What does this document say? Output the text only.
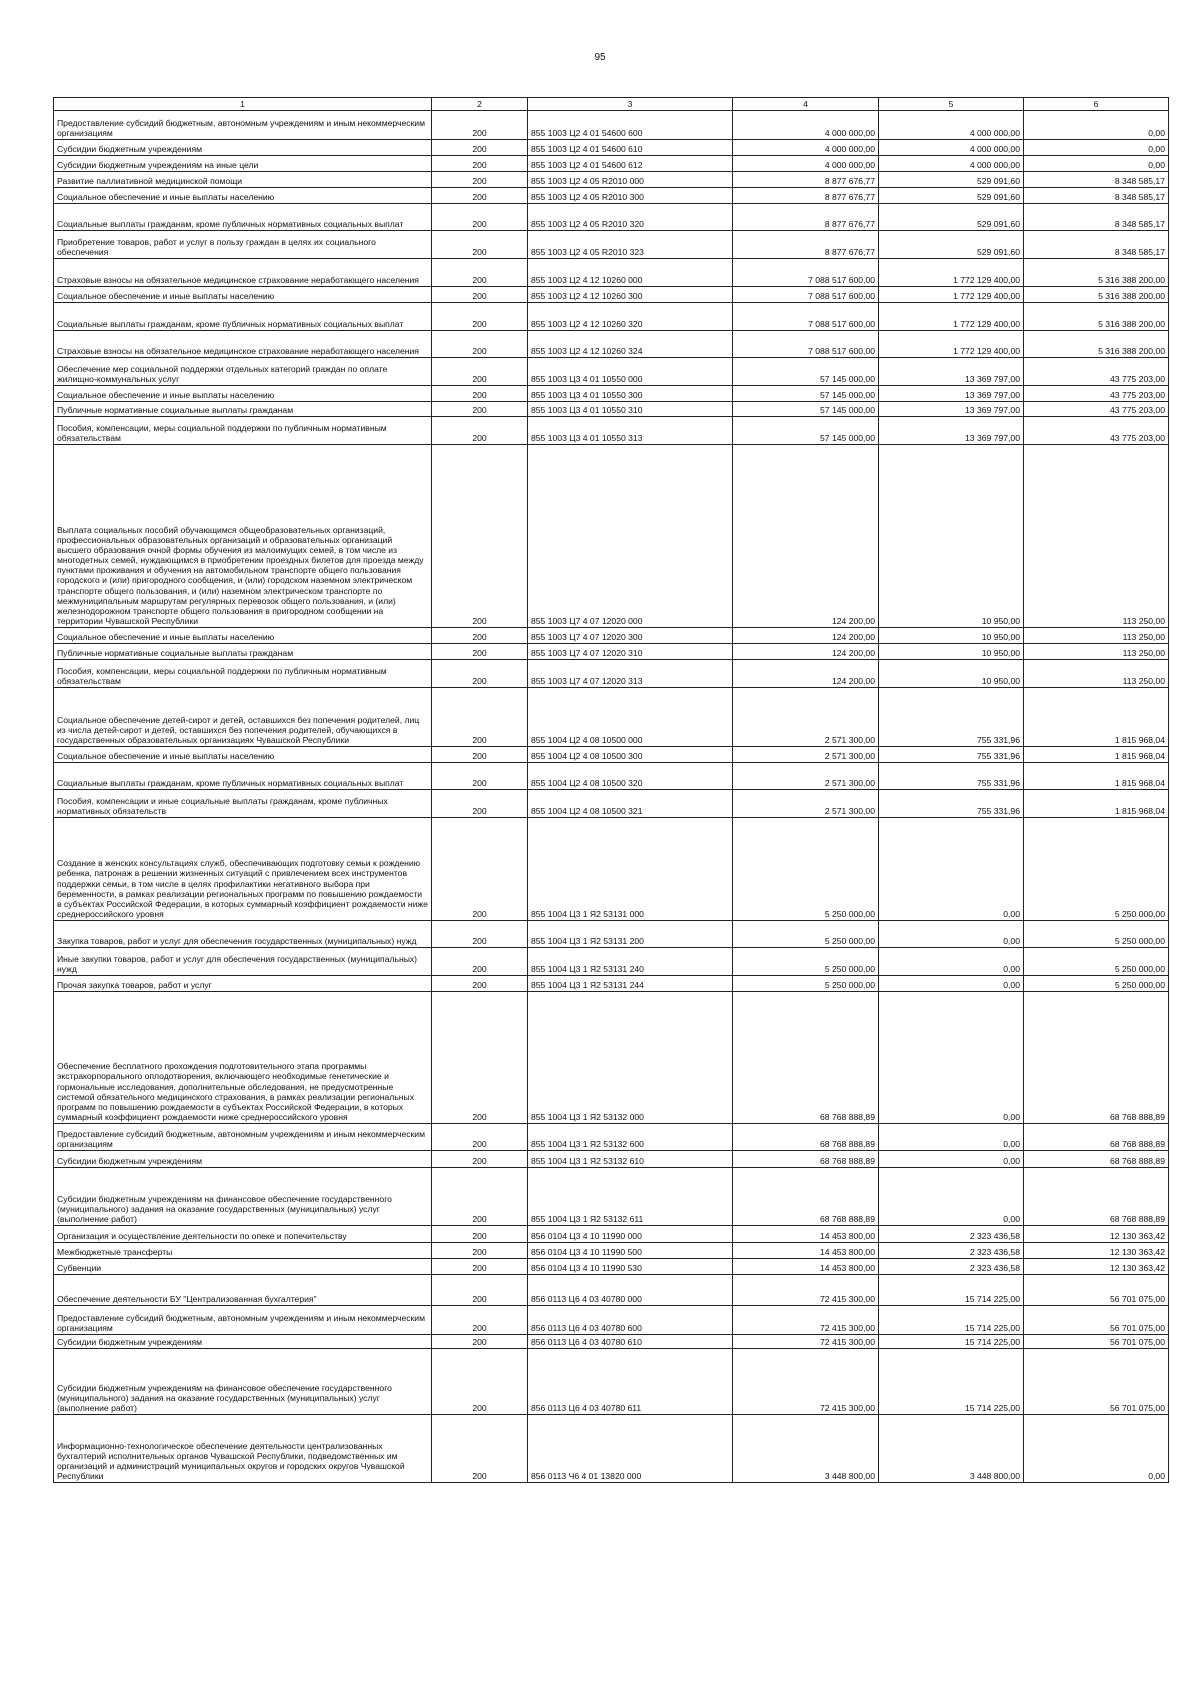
95
1	2	3	4	5	6
Предоставление субсидий бюджетным, автономным учреждениям и иным некоммерческим организациям	200	855 1003 Ц2 4 01 54600 600	4 000 000,00	4 000 000,00	0,00
Субсидии бюджетным учреждениям	200	855 1003 Ц2 4 01 54600 610	4 000 000,00	4 000 000,00	0,00
Субсидии бюджетным учреждениям на иные цели	200	855 1003 Ц2 4 01 54600 612	4 000 000,00	4 000 000,00	0,00
Развитие паллиативной медицинской помощи	200	855 1003 Ц2 4 05 R2010 000	8 877 676,77	529 091,60	8 348 585,17
Социальное обеспечение и иные выплаты населению	200	855 1003 Ц2 4 05 R2010 300	8 877 676,77	529 091,60	8 348 585,17
Социальные выплаты гражданам, кроме публичных нормативных социальных выплат	200	855 1003 Ц2 4 05 R2010 320	8 877 676,77	529 091,60	8 348 585,17
Приобретение товаров, работ и услуг в пользу граждан в целях их социального обеспечения	200	855 1003 Ц2 4 05 R2010 323	8 877 676,77	529 091,60	8 348 585,17
Страховые взносы на обязательное медицинское страхование неработающего населения	200	855 1003 Ц2 4 12 10260 000	7 088 517 600,00	1 772 129 400,00	5 316 388 200,00
Социальное обеспечение и иные выплаты населению	200	855 1003 Ц2 4 12 10260 300	7 088 517 600,00	1 772 129 400,00	5 316 388 200,00
Социальные выплаты гражданам, кроме публичных нормативных социальных выплат	200	855 1003 Ц2 4 12 10260 320	7 088 517 600,00	1 772 129 400,00	5 316 388 200,00
Страховые взносы на обязательное медицинское страхование неработающего населения	200	855 1003 Ц2 4 12 10260 324	7 088 517 600,00	1 772 129 400,00	5 316 388 200,00
Обеспечение мер социальной поддержки отдельных категорий граждан по оплате жилищно-коммунальных услуг	200	855 1003 Ц3 4 01 10550 000	57 145 000,00	13 369 797,00	43 775 203,00
Социальное обеспечение и иные выплаты населению	200	855 1003 Ц3 4 01 10550 300	57 145 000,00	13 369 797,00	43 775 203,00
Публичные нормативные социальные выплаты гражданам	200	855 1003 Ц3 4 01 10550 310	57 145 000,00	13 369 797,00	43 775 203,00
Пособия, компенсации, меры социальной поддержки по публичным нормативным обязательствам	200	855 1003 Ц3 4 01 10550 313	57 145 000,00	13 369 797,00	43 775 203,00
Выплата социальных пособий обучающимся общеобразовательных организаций, профессиональных образовательных организаций и образовательных организаций высшего образования очной формы обучения из малоимущих семей, в том числе из многодетных семей, нуждающимся в приобретении проездных билетов для проезда между пунктами проживания и обучения на автомобильном транспорте общего пользования городского и (или) пригородного сообщения, и (или) городском наземном электрическом транспорте общего пользования, и (или) наземном электрическом транспорте по межмуниципальным маршрутам регулярных перевозок общего пользования, и (или) железнодорожном транспорте общего пользования в пригородном сообщении на территории Чувашской Республики	200	855 1003 Ц7 4 07 12020 000	124 200,00	10 950,00	113 250,00
Социальное обеспечение и иные выплаты населению	200	855 1003 Ц7 4 07 12020 300	124 200,00	10 950,00	113 250,00
Публичные нормативные социальные выплаты гражданам	200	855 1003 Ц7 4 07 12020 310	124 200,00	10 950,00	113 250,00
Пособия, компенсации, меры социальной поддержки по публичным нормативным обязательствам	200	855 1003 Ц7 4 07 12020 313	124 200,00	10 950,00	113 250,00
Социальное обеспечение детей-сирот и детей, оставшихся без попечения родителей, лиц из числа детей-сирот и детей, оставшихся без попечения родителей, обучающихся в государственных образовательных организациях Чувашской Республики	200	855 1004 Ц2 4 08 10500 000	2 571 300,00	755 331,96	1 815 968,04
Социальное обеспечение и иные выплаты населению	200	855 1004 Ц2 4 08 10500 300	2 571 300,00	755 331,96	1 815 968,04
Социальные выплаты гражданам, кроме публичных нормативных социальных выплат	200	855 1004 Ц2 4 08 10500 320	2 571 300,00	755 331,96	1 815 968,04
Пособия, компенсации и иные социальные выплаты гражданам, кроме публичных нормативных обязательств	200	855 1004 Ц2 4 08 10500 321	2 571 300,00	755 331,96	1 815 968,04
Создание в женских консультациях служб, обеспечивающих подготовку семьи к рождению ребенка, патронаж в решении жизненных ситуаций с привлечением всех инструментов поддержки семьи, в том числе в целях профилактики негативного выбора при беременности, в рамках реализации региональных программ по повышению рождаемости в субъектах Российской Федерации, в которых суммарный коэффициент рождаемости ниже среднероссийского уровня	200	855 1004 Ц3 1 Я2 53131 000	5 250 000,00	0,00	5 250 000,00
Закупка товаров, работ и услуг для обеспечения государственных (муниципальных) нужд	200	855 1004 Ц3 1 Я2 53131 200	5 250 000,00	0,00	5 250 000,00
Иные закупки товаров, работ и услуг для обеспечения государственных (муниципальных) нужд	200	855 1004 Ц3 1 Я2 53131 240	5 250 000,00	0,00	5 250 000,00
Прочая закупка товаров, работ и услуг	200	855 1004 Ц3 1 Я2 53131 244	5 250 000,00	0,00	5 250 000,00
Обеспечение бесплатного прохождения подготовительного этапа программы экстракорпорального оплодотворения, включающего необходимые генетические и гормональные исследования, дополнительные обследования, не предусмотренные системой обязательного медицинского страхования, в рамках реализации региональных программ по повышению рождаемости в субъектах Российской Федерации, в которых суммарный коэффициент рождаемости ниже среднероссийского уровня	200	855 1004 Ц3 1 Я2 53132 000	68 768 888,89	0,00	68 768 888,89
Предоставление субсидий бюджетным, автономным учреждениям и иным некоммерческим организациям	200	855 1004 Ц3 1 Я2 53132 600	68 768 888,89	0,00	68 768 888,89
Субсидии бюджетным учреждениям	200	855 1004 Ц3 1 Я2 53132 610	68 768 888,89	0,00	68 768 888,89
Субсидии бюджетным учреждениям на финансовое обеспечение государственного (муниципального) задания на оказание государственных (муниципальных) услуг (выполнение работ)	200	855 1004 Ц3 1 Я2 53132 611	68 768 888,89	0,00	68 768 888,89
Организация и осуществление деятельности по опеке и попечительству	200	856 0104 Ц3 4 10 11990 000	14 453 800,00	2 323 436,58	12 130 363,42
Межбюджетные трансферты	200	856 0104 Ц3 4 10 11990 500	14 453 800,00	2 323 436,58	12 130 363,42
Субвенции	200	856 0104 Ц3 4 10 11990 530	14 453 800,00	2 323 436,58	12 130 363,42
Обеспечение деятельности БУ "Централизованная бухгалтерия"	200	856 0113 Ц6 4 03 40780 000	72 415 300,00	15 714 225,00	56 701 075,00
Предоставление субсидий бюджетным, автономным учреждениям и иным некоммерческим организациям	200	856 0113 Ц6 4 03 40780 600	72 415 300,00	15 714 225,00	56 701 075,00
Субсидии бюджетным учреждениям	200	856 0113 Ц6 4 03 40780 610	72 415 300,00	15 714 225,00	56 701 075,00
Субсидии бюджетным учреждениям на финансовое обеспечение государственного (муниципального) задания на оказание государственных (муниципальных) услуг (выполнение работ)	200	856 0113 Ц6 4 03 40780 611	72 415 300,00	15 714 225,00	56 701 075,00
Информационно-технологическое обеспечение деятельности централизованных бухгалтерий исполнительных органов Чувашской Республики, подведомственных им организаций и администраций муниципальных округов и городских округов Чувашской Республики	200	856 0113 Ч6 4 01 13820 000	3 448 800,00	3 448 800,00	0,00
